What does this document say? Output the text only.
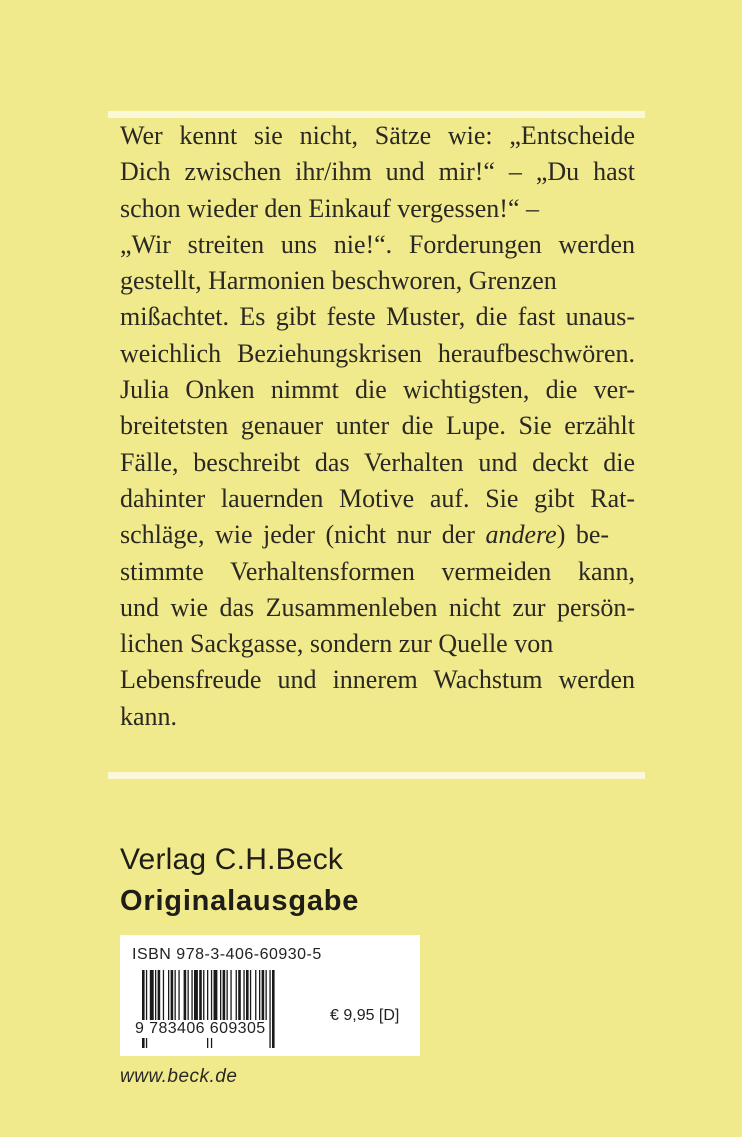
Wer kennt sie nicht, Sätze wie: „Entscheide
Dich zwischen ihr/ihm und mir!“ – „Du hast
schon wieder den Einkauf vergessen!“ –
„Wir streiten uns nie!“. Forderungen werden
gestellt, Harmonien beschworen, Grenzen
mißachtet. Es gibt feste Muster, die fast unaus-
weichlich Beziehungskrisen heraufbeschwören.
Julia Onken nimmt die wichtigsten, die ver-
breitetsten genauer unter die Lupe. Sie erzählt
Fälle, beschreibt das Verhalten und deckt die
dahinter lauernden Motive auf. Sie gibt Rat-
schläge, wie jeder (nicht nur der andere) be-
stimmte Verhaltensformen vermeiden kann,
und wie das Zusammenleben nicht zur persön-
lichen Sackgasse, sondern zur Quelle von
Lebensfreude und innerem Wachstum werden
kann.
Verlag C.H.Beck
Originalausgabe
ISBN 978-3-406-60930-5
9 783406 609305
€ 9,95 [D]
www.beck.de
